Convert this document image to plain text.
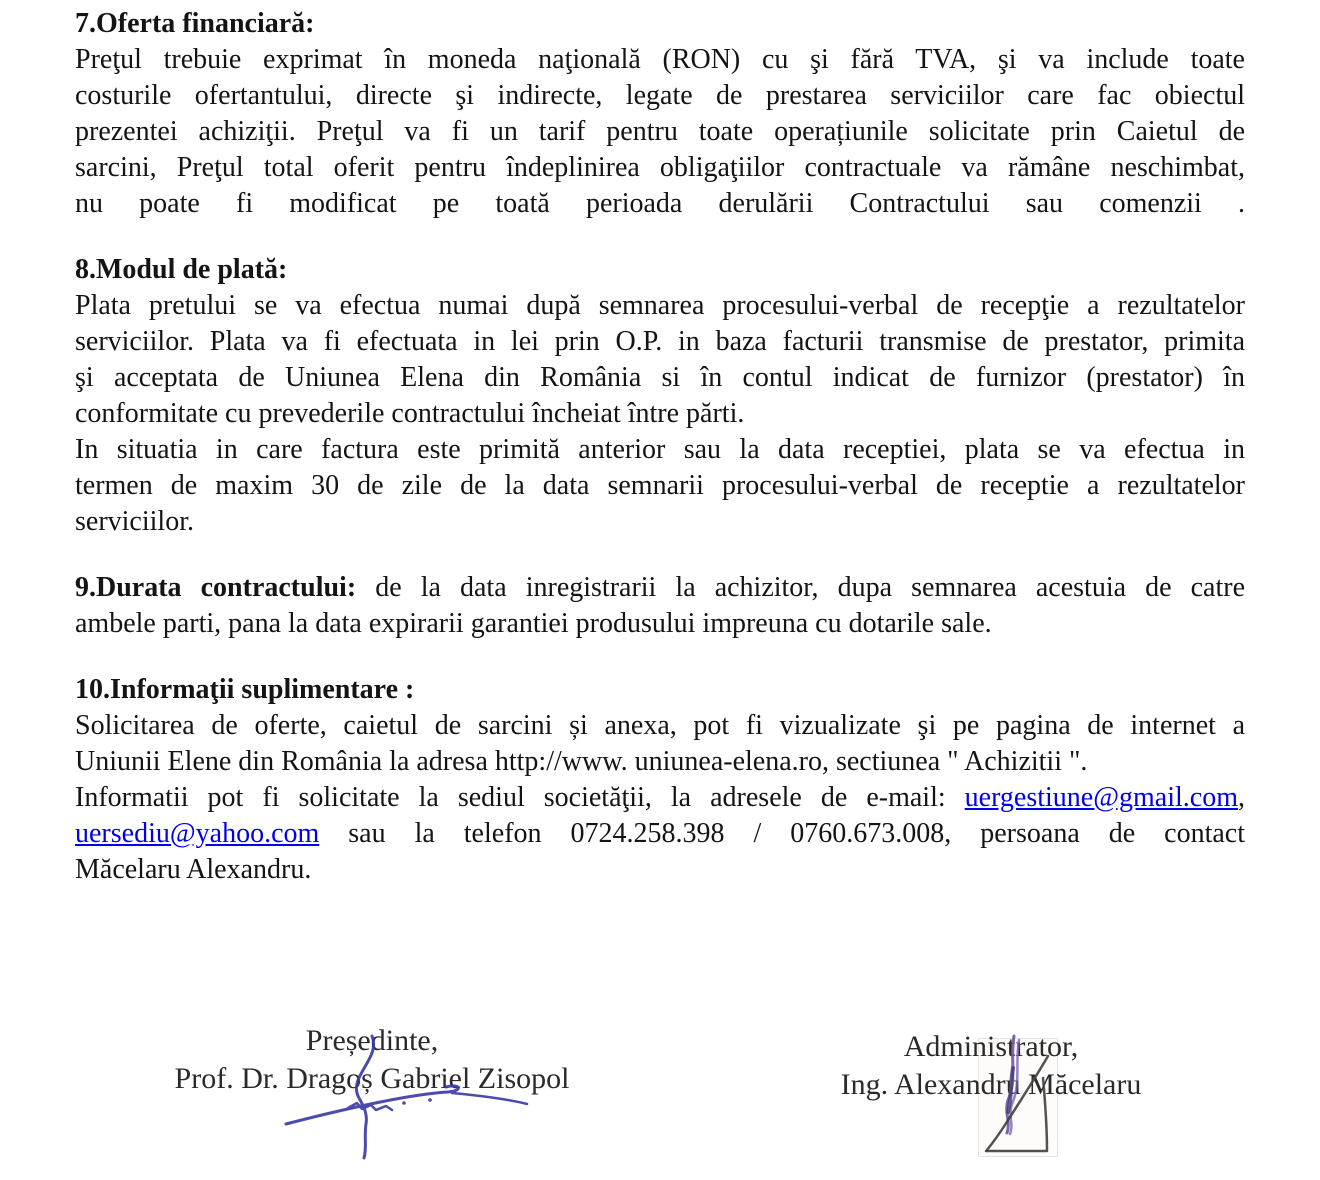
7.Oferta financiară:
Preţul trebuie exprimat în moneda naţională (RON) cu şi fără TVA, şi va include toate
costurile ofertantului, directe şi indirecte, legate de prestarea serviciilor care fac obiectul
prezentei achiziţii. Preţul va fi un tarif pentru toate operațiunile solicitate prin Caietul de
sarcini, Preţul total oferit pentru îndeplinirea obligaţiilor contractuale va rămâne neschimbat,
nu poate fi modificat pe toată perioada derulării Contractului sau comenzii .
8.Modul de plată:
Plata pretului se va efectua numai după semnarea procesului-verbal de recepţie a rezultatelor
serviciilor. Plata va fi efectuata in lei prin O.P. in baza facturii transmise de prestator, primita
şi acceptata de Uniunea Elena din România si în contul indicat de furnizor (prestator) în
conformitate cu prevederile contractului încheiat între părti.
In situatia in care factura este primită anterior sau la data receptiei, plata se va efectua in
termen de maxim 30 de zile de la data semnarii procesului-verbal de receptie a rezultatelor
serviciilor.
9.Durata contractului: de la data inregistrarii la achizitor, dupa semnarea acestuia de catre
ambele parti, pana la data expirarii garantiei produsului impreuna cu dotarile sale.
10.Informaţii suplimentare :
Solicitarea de oferte, caietul de sarcini și anexa, pot fi vizualizate şi pe pagina de internet a
Uniunii Elene din România la adresa http://www. uniunea-elena.ro, sectiunea " Achizitii ".
Informatii pot fi solicitate la sediul societăţii, la adresele de e-mail: uergestiune@gmail.com,
uersediu@yahoo.com sau la telefon 0724.258.398 / 0760.673.008, persoana de contact
Măcelaru Alexandru.
Președinte,
Prof. Dr. Dragoș Gabriel Zisopol
Administrator,
Ing. Alexandru Măcelaru
